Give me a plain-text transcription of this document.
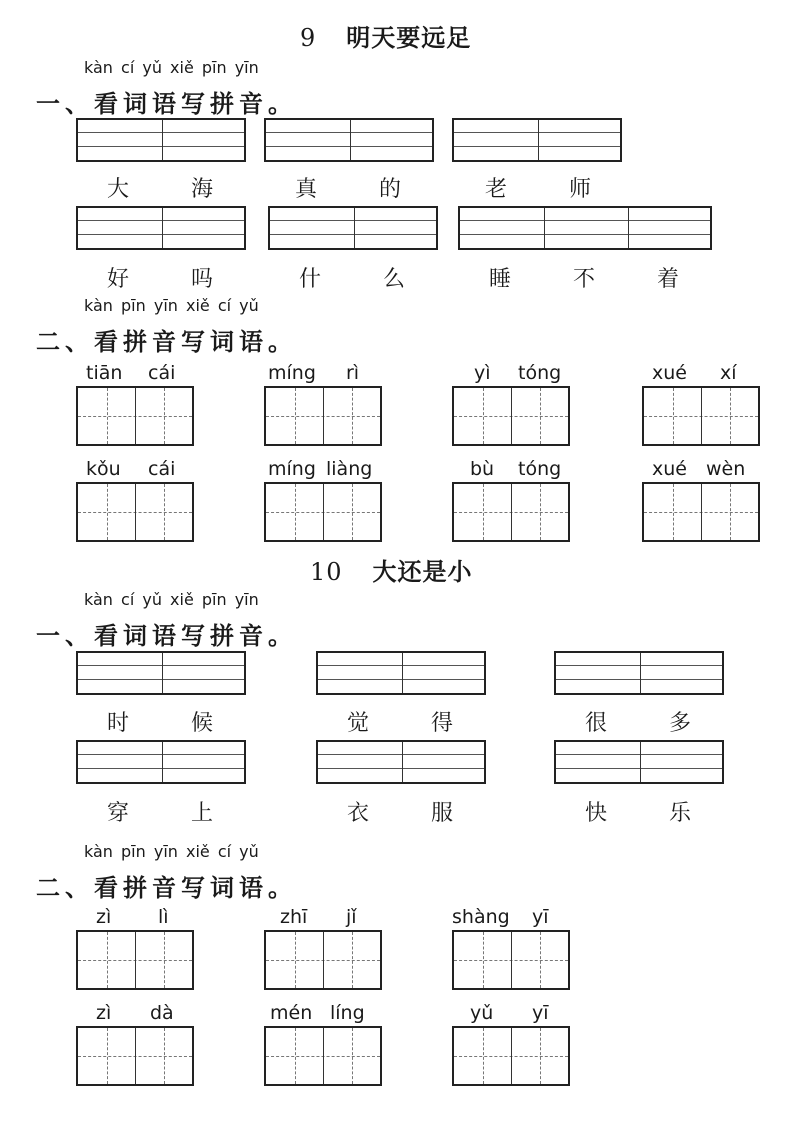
9 明天要远足
kàn cí yǔ xiě pīn yīn
一、看词语写拼音。
大	海	真	的	老	师
好	吗	什	么	睡	不	着
kàn pīn yīn xiě cí yǔ
二、看拼音写词语。
tiān cái	míng rì	yì tóng	xué xí
kǒu cái	míng liàng	bù tóng	xué wèn
10 大还是小
kàn cí yǔ xiě pīn yīn
一、看词语写拼音。
时	候	觉	得	很	多
穿	上	衣	服	快	乐
kàn pīn yīn xiě cí yǔ
二、看拼音写词语。
zì lì	zhī jǐ	shàng yī
zì dà	mén líng	yǔ yī
